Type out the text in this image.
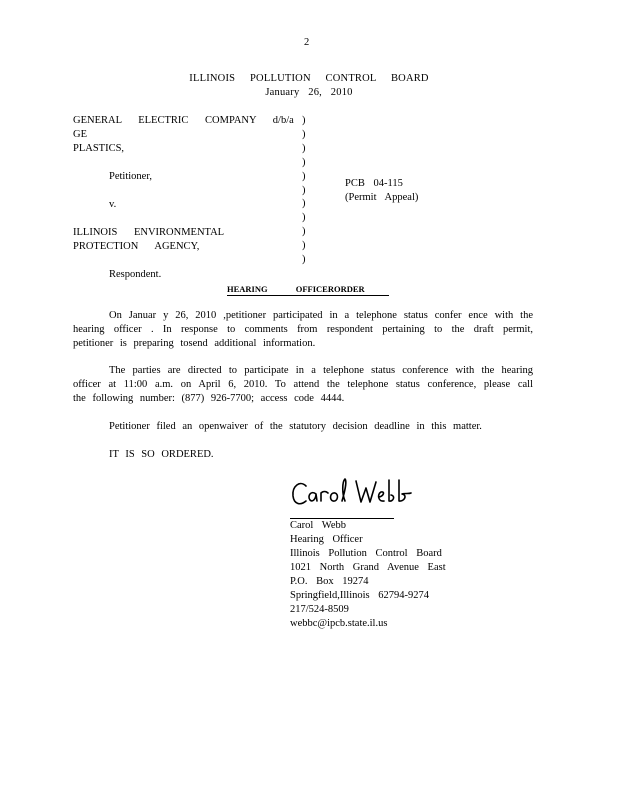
2
ILLINOIS POLLUTION CONTROL BOARD
January 26, 2010
GENERAL ELECTRIC COMPANY d/b/a GE
PLASTICS,

Petitioner,

v.

ILLINOIS ENVIRONMENTAL
PROTECTION AGENCY,

Respondent.
)
)
)
)
)
)
)
)
)
)
)
PCB 04-115
(Permit Appeal)
HEARING OFFICERORDER
On Januar y 26, 2010 ,petitioner participated in a telephone status confer ence with the hearing officer . In response to comments from respondent pertaining to the draft permit, petitioner is preparing tosend additional information.
The parties are directed to participate in a telephone status conference with the hearing officer at 11:00 a.m. on April 6, 2010. To attend the telephone status conference, please call the following number: (877) 926-7700; access code 4444.
Petitioner filed an openwaiver of the statutory decision deadline in this matter.
IT IS SO ORDERED.
Carol Webb
Hearing Officer
Illinois Pollution Control Board
1021 North Grand Avenue East
P.O. Box 19274
Springfield,Illinois 62794-9274
217/524-8509
webbc@ipcb.state.il.us
